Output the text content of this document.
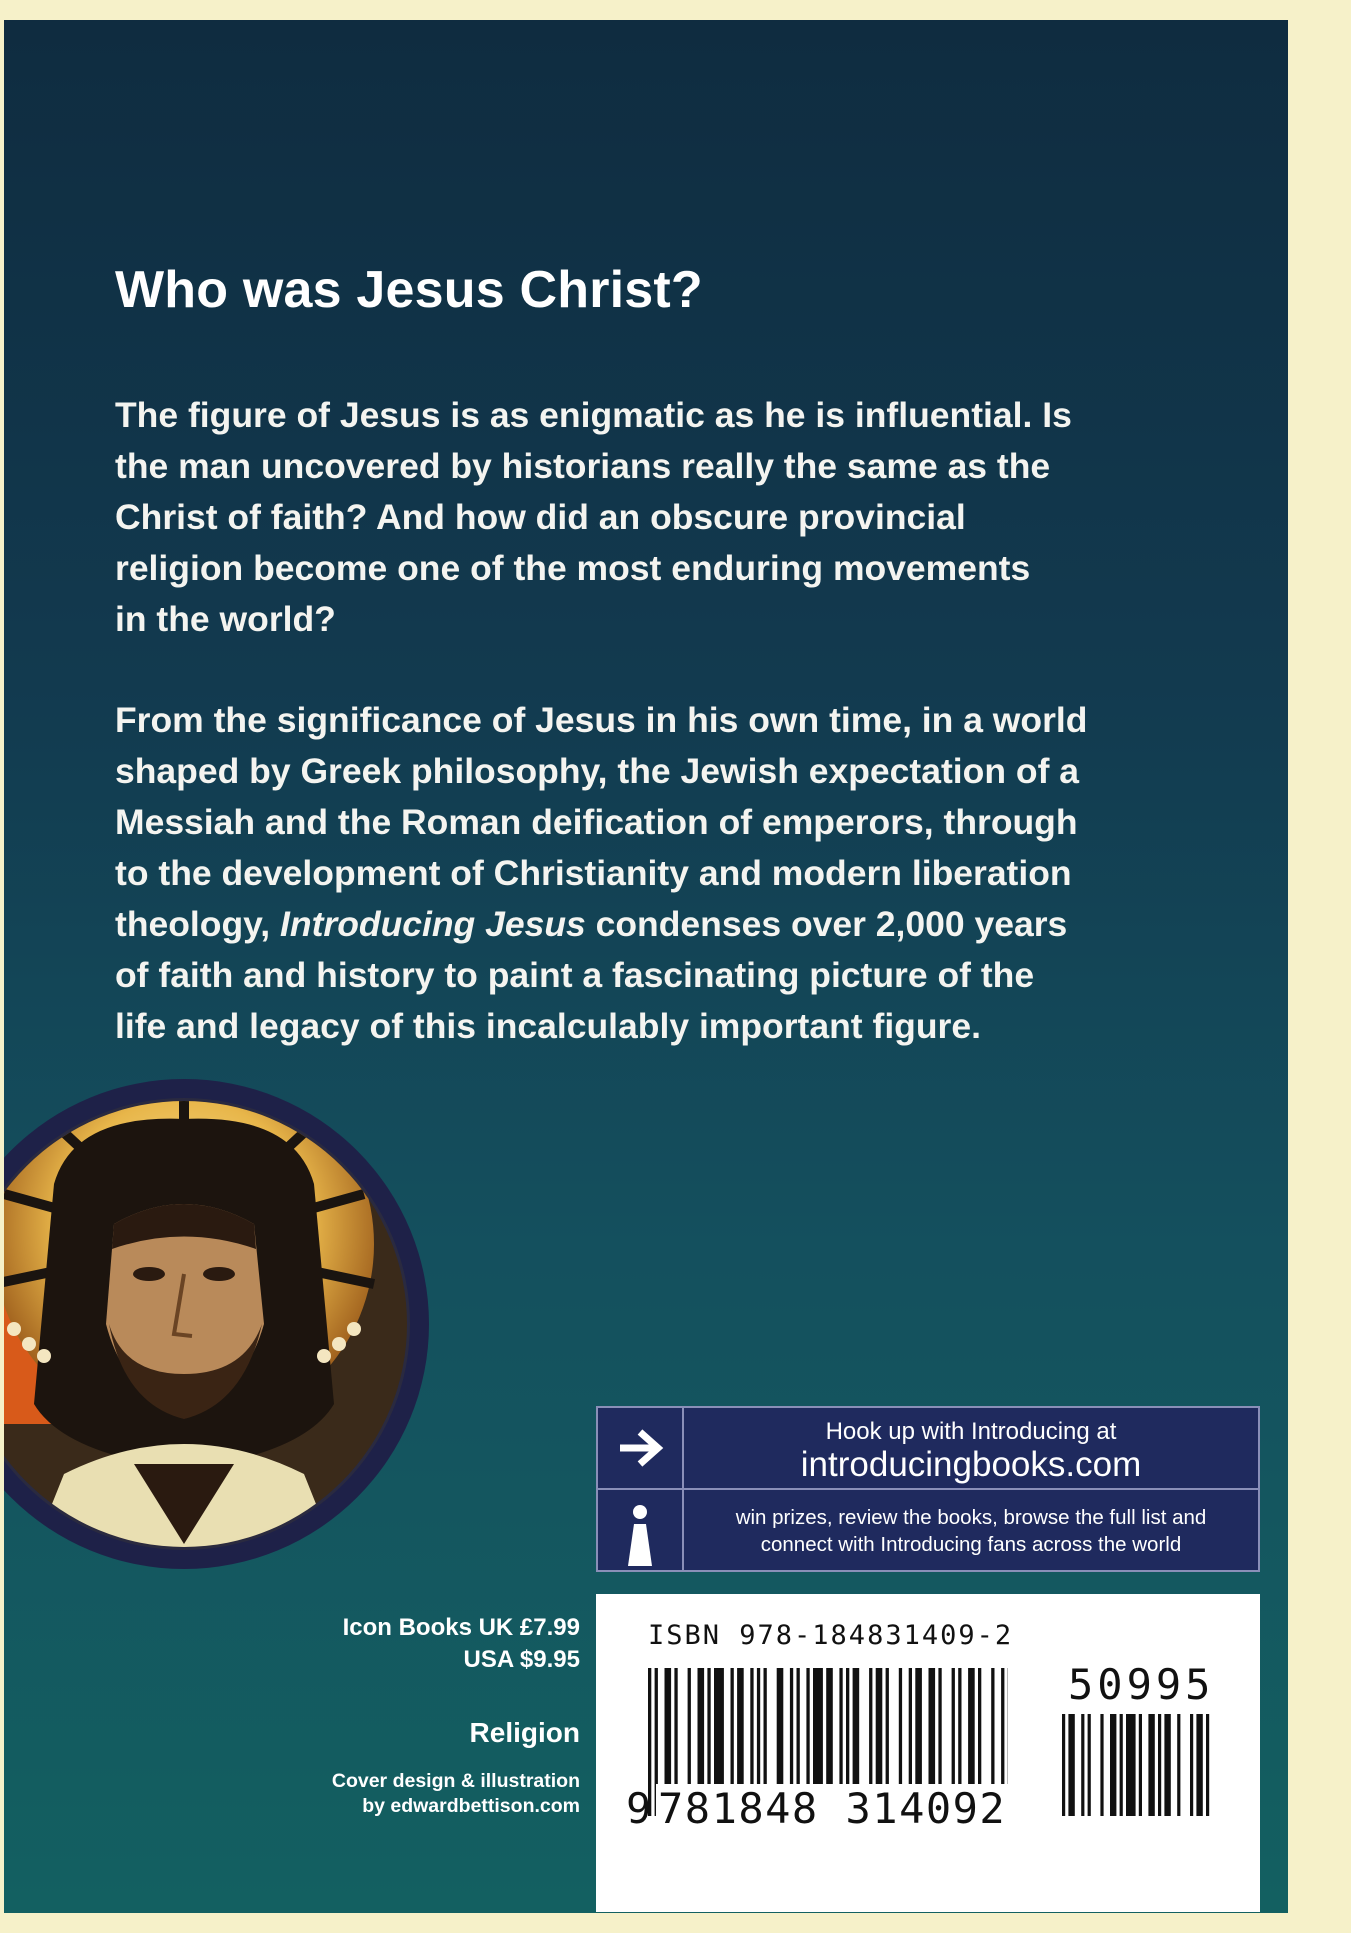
Who was Jesus Christ?

The figure of Jesus is as enigmatic as he is influential. Is
the man uncovered by historians really the same as the
Christ of faith? And how did an obscure provincial
religion become one of the most enduring movements
in the world?

From the significance of Jesus in his own time, in a world
shaped by Greek philosophy, the Jewish expectation of a
Messiah and the Roman deification of emperors, through
to the development of Christianity and modern liberation
theology, Introducing Jesus condenses over 2,000 years
of faith and history to paint a fascinating picture of the
life and legacy of this incalculably important figure.

Hook up with Introducing at
introducingbooks.com
win prizes, review the books, browse the full list and
connect with Introducing fans across the world
ISBN 978-184831409-2
50995
9 781848 314092
Icon Books UK £7.99
USA $9.95
Religion
Cover design & illustration
by edwardbettison.com
